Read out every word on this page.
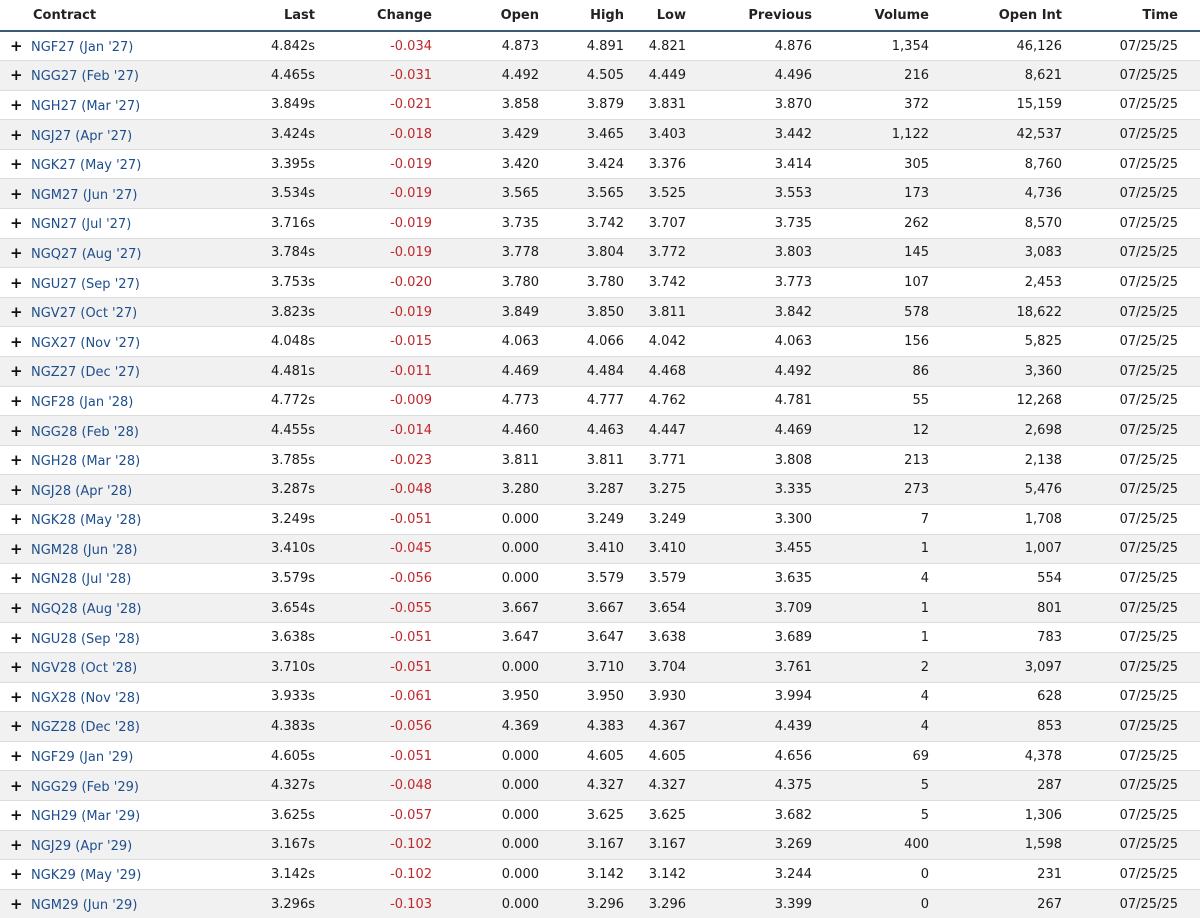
Contract	Last	Change	Open	High	Low	Previous	Volume	Open Int	Time
+ NGF27 (Jan '27)	4.842s	-0.034	4.873	4.891	4.821	4.876	1,354	46,126	07/25/25
+ NGG27 (Feb '27)	4.465s	-0.031	4.492	4.505	4.449	4.496	216	8,621	07/25/25
+ NGH27 (Mar '27)	3.849s	-0.021	3.858	3.879	3.831	3.870	372	15,159	07/25/25
+ NGJ27 (Apr '27)	3.424s	-0.018	3.429	3.465	3.403	3.442	1,122	42,537	07/25/25
+ NGK27 (May '27)	3.395s	-0.019	3.420	3.424	3.376	3.414	305	8,760	07/25/25
+ NGM27 (Jun '27)	3.534s	-0.019	3.565	3.565	3.525	3.553	173	4,736	07/25/25
+ NGN27 (Jul '27)	3.716s	-0.019	3.735	3.742	3.707	3.735	262	8,570	07/25/25
+ NGQ27 (Aug '27)	3.784s	-0.019	3.778	3.804	3.772	3.803	145	3,083	07/25/25
+ NGU27 (Sep '27)	3.753s	-0.020	3.780	3.780	3.742	3.773	107	2,453	07/25/25
+ NGV27 (Oct '27)	3.823s	-0.019	3.849	3.850	3.811	3.842	578	18,622	07/25/25
+ NGX27 (Nov '27)	4.048s	-0.015	4.063	4.066	4.042	4.063	156	5,825	07/25/25
+ NGZ27 (Dec '27)	4.481s	-0.011	4.469	4.484	4.468	4.492	86	3,360	07/25/25
+ NGF28 (Jan '28)	4.772s	-0.009	4.773	4.777	4.762	4.781	55	12,268	07/25/25
+ NGG28 (Feb '28)	4.455s	-0.014	4.460	4.463	4.447	4.469	12	2,698	07/25/25
+ NGH28 (Mar '28)	3.785s	-0.023	3.811	3.811	3.771	3.808	213	2,138	07/25/25
+ NGJ28 (Apr '28)	3.287s	-0.048	3.280	3.287	3.275	3.335	273	5,476	07/25/25
+ NGK28 (May '28)	3.249s	-0.051	0.000	3.249	3.249	3.300	7	1,708	07/25/25
+ NGM28 (Jun '28)	3.410s	-0.045	0.000	3.410	3.410	3.455	1	1,007	07/25/25
+ NGN28 (Jul '28)	3.579s	-0.056	0.000	3.579	3.579	3.635	4	554	07/25/25
+ NGQ28 (Aug '28)	3.654s	-0.055	3.667	3.667	3.654	3.709	1	801	07/25/25
+ NGU28 (Sep '28)	3.638s	-0.051	3.647	3.647	3.638	3.689	1	783	07/25/25
+ NGV28 (Oct '28)	3.710s	-0.051	0.000	3.710	3.704	3.761	2	3,097	07/25/25
+ NGX28 (Nov '28)	3.933s	-0.061	3.950	3.950	3.930	3.994	4	628	07/25/25
+ NGZ28 (Dec '28)	4.383s	-0.056	4.369	4.383	4.367	4.439	4	853	07/25/25
+ NGF29 (Jan '29)	4.605s	-0.051	0.000	4.605	4.605	4.656	69	4,378	07/25/25
+ NGG29 (Feb '29)	4.327s	-0.048	0.000	4.327	4.327	4.375	5	287	07/25/25
+ NGH29 (Mar '29)	3.625s	-0.057	0.000	3.625	3.625	3.682	5	1,306	07/25/25
+ NGJ29 (Apr '29)	3.167s	-0.102	0.000	3.167	3.167	3.269	400	1,598	07/25/25
+ NGK29 (May '29)	3.142s	-0.102	0.000	3.142	3.142	3.244	0	231	07/25/25
+ NGM29 (Jun '29)	3.296s	-0.103	0.000	3.296	3.296	3.399	0	267	07/25/25
